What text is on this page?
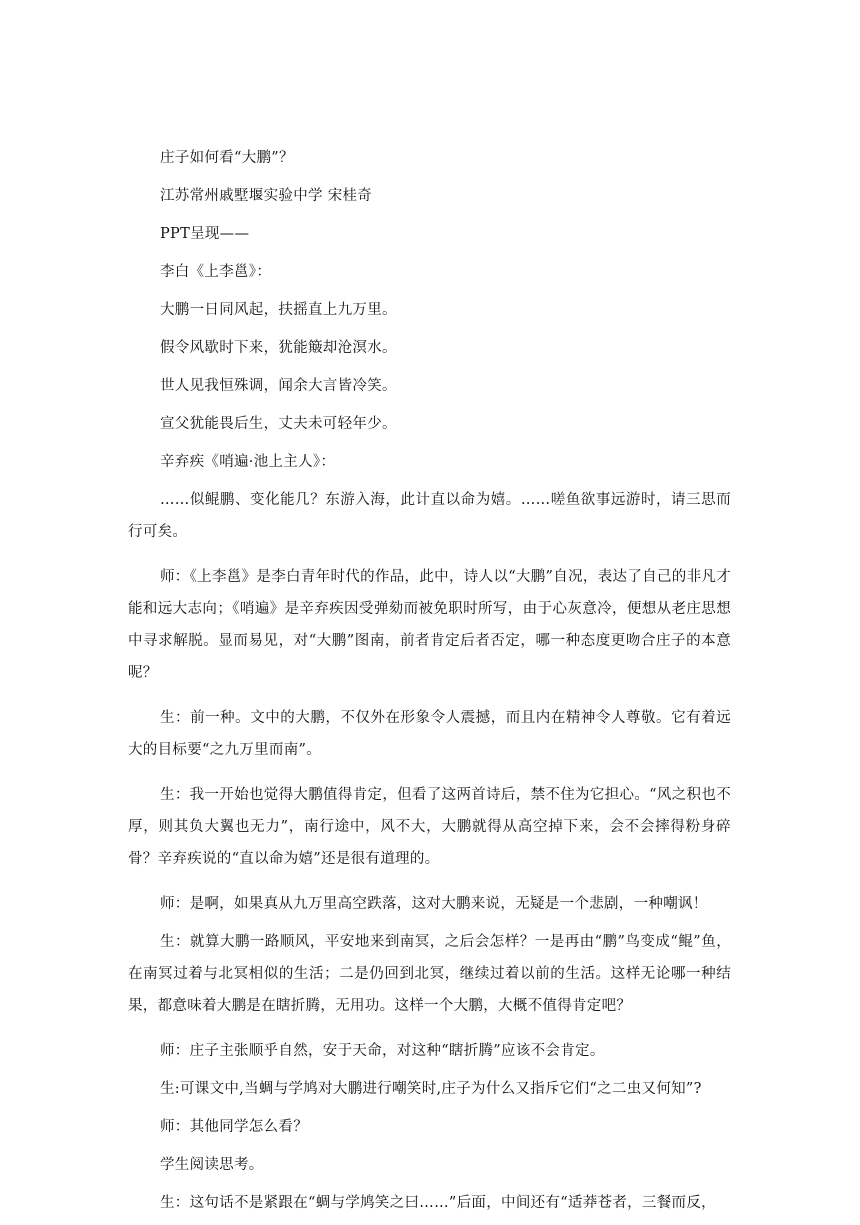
庄子如何看“大鹏”？

江苏常州戚墅堰实验中学 宋桂奇

PPT呈现——

李白《上李邕》：

大鹏一日同风起，扶摇直上九万里。

假令风歇时下来，犹能簸却沧溟水。

世人见我恒殊调，闻余大言皆冷笑。

宣父犹能畏后生，丈夫未可轻年少。

辛弃疾《哨遍·池上主人》：

……似鲲鹏、变化能几？东游入海，此计直以命为嬉。……嗟鱼欲事远游时，请三思而行可矣。

师：《上李邕》是李白青年时代的作品，此中，诗人以“大鹏”自况，表达了自己的非凡才能和远大志向；《哨遍》是辛弃疾因受弹劾而被免职时所写，由于心灰意冷，便想从老庄思想中寻求解脱。显而易见，对“大鹏”图南，前者肯定后者否定，哪一种态度更吻合庄子的本意呢？

生：前一种。文中的大鹏，不仅外在形象令人震撼，而且内在精神令人尊敬。它有着远大的目标要“之九万里而南”。

生：我一开始也觉得大鹏值得肯定，但看了这两首诗后，禁不住为它担心。“风之积也不厚，则其负大翼也无力”，南行途中，风不大，大鹏就得从高空掉下来，会不会摔得粉身碎骨？辛弃疾说的“直以命为嬉”还是很有道理的。

师：是啊，如果真从九万里高空跌落，这对大鹏来说，无疑是一个悲剧，一种嘲讽！

生：就算大鹏一路顺风，平安地来到南冥，之后会怎样？一是再由“鹏”鸟变成“鲲”鱼，在南冥过着与北冥相似的生活；二是仍回到北冥，继续过着以前的生活。这样无论哪一种结果，都意味着大鹏是在瞎折腾，无用功。这样一个大鹏，大概不值得肯定吧？

师：庄子主张顺乎自然，安于天命，对这种“瞎折腾”应该不会肯定。

生:可课文中,当蜩与学鸠对大鹏进行嘲笑时,庄子为什么又指斥它们“之二虫又何知”?

师：其他同学怎么看？

学生阅读思考。

生：这句话不是紧跟在“蜩与学鸠笑之曰……”后面，中间还有“适莽苍者，三餐而反，
